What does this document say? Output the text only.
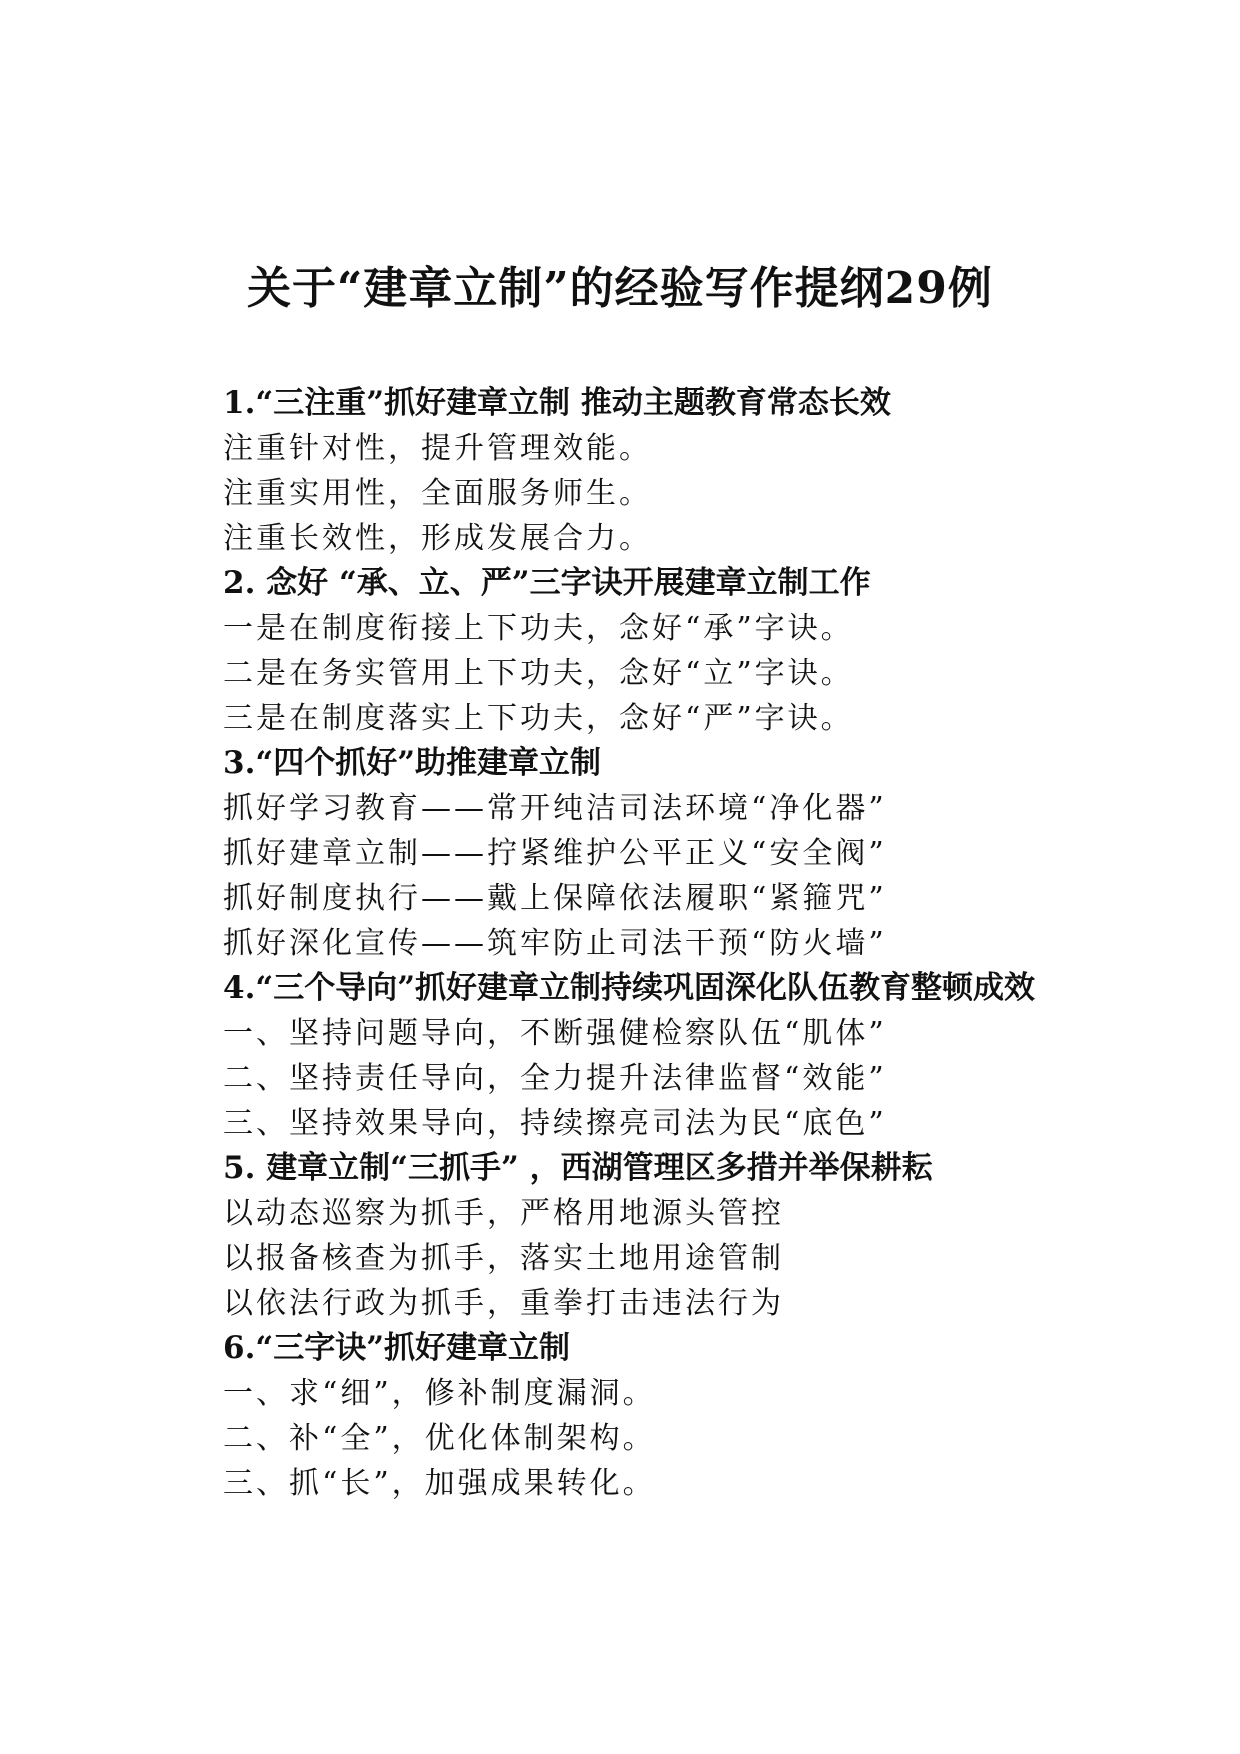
关于“建章立制”的经验写作提纲29例

1.“三注重”抓好建章立制 推动主题教育常态长效

注重针对性，提升管理效能。

注重实用性，全面服务师生。

注重长效性，形成发展合力。

2. 念好 “承、立、严”三字诀开展建章立制工作

一是在制度衔接上下功夫，念好“承”字诀。

二是在务实管用上下功夫，念好“立”字诀。

三是在制度落实上下功夫，念好“严”字诀。

3.“四个抓好”助推建章立制

抓好学习教育——常开纯洁司法环境“净化器”

抓好建章立制——拧紧维护公平正义“安全阀”

抓好制度执行——戴上保障依法履职“紧箍咒”

抓好深化宣传——筑牢防止司法干预“防火墙”

4.“三个导向”抓好建章立制持续巩固深化队伍教育整顿成效

一、坚持问题导向，不断强健检察队伍“肌体”

二、坚持责任导向，全力提升法律监督“效能”

三、坚持效果导向，持续擦亮司法为民“底色”

5. 建章立制“三抓手” ，西湖管理区多措并举保耕耘

以动态巡察为抓手，严格用地源头管控

以报备核查为抓手，落实土地用途管制

以依法行政为抓手，重拳打击违法行为

6.“三字诀”抓好建章立制

一、求“细”，修补制度漏洞。

二、补“全”，优化体制架构。

三、抓“长”，加强成果转化。
